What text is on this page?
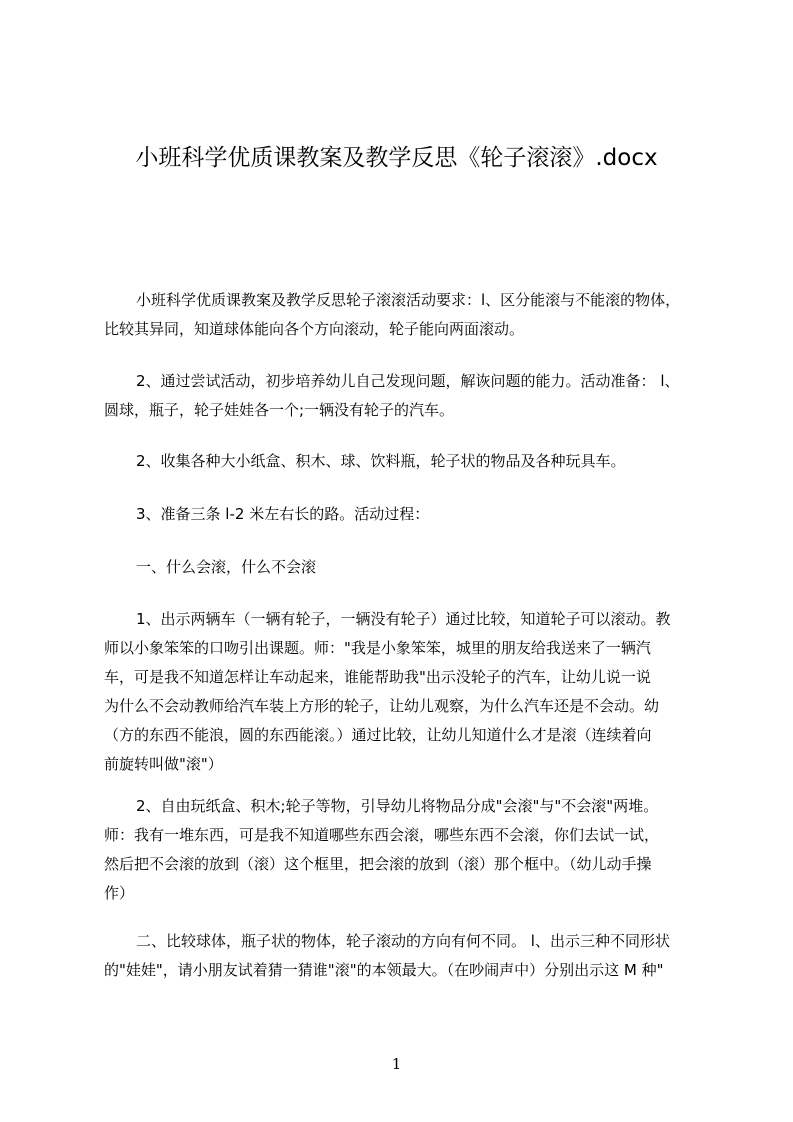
小班科学优质课教案及教学反思《轮子滚滚》.docx

小班科学优质课教案及教学反思轮子滚滚活动要求：l、区分能滚与不能滚的物体，
比较其异同，知道球体能向各个方向滚动，轮子能向两面滚动。

2、通过尝试活动，初步培养幼儿自己发现问题，解诙问题的能力。活动准备： l、
圆球，瓶子，轮子娃娃各一个;一辆没有轮子的汽车。

2、收集各种大小纸盒、积木、球、饮料瓶，轮子状的物品及各种玩具车。

3、准备三条 l-2 米左右长的路。活动过程：

一、什么会滚，什么不会滚

1、出示两辆车（一辆有轮子，一辆没有轮子）通过比较，知道轮子可以滚动。教
师以小象笨笨的口吻引出课题。师："我是小象笨笨，城里的朋友给我送来了一辆汽
车，可是我不知道怎样让车动起来，谁能帮助我"出示没轮子的汽车，让幼儿说一说
为什么不会动教师给汽车装上方形的轮子，让幼儿观察，为什么汽车还是不会动。幼
（方的东西不能浪，圆的东西能滚。）通过比较，让幼儿知道什么才是滚（连续着向
前旋转叫做"滚"）

2、自由玩纸盒、积木;轮子等物，引导幼儿将物品分成"会滚"与"不会滚"两堆。
师：我有一堆东西，可是我不知道哪些东西会滚，哪些东西不会滚，你们去试一试，
然后把不会滚的放到（滚）这个框里，把会滚的放到（滚）那个框中。（幼儿动手操
作）

二、比较球体，瓶子状的物体，轮子滚动的方向有何不同。 l、出示三种不同形状
的"娃娃"，请小朋友试着猜一猜谁"滚"的本领最大。（在吵闹声中）分别出示这 M 种"

1
